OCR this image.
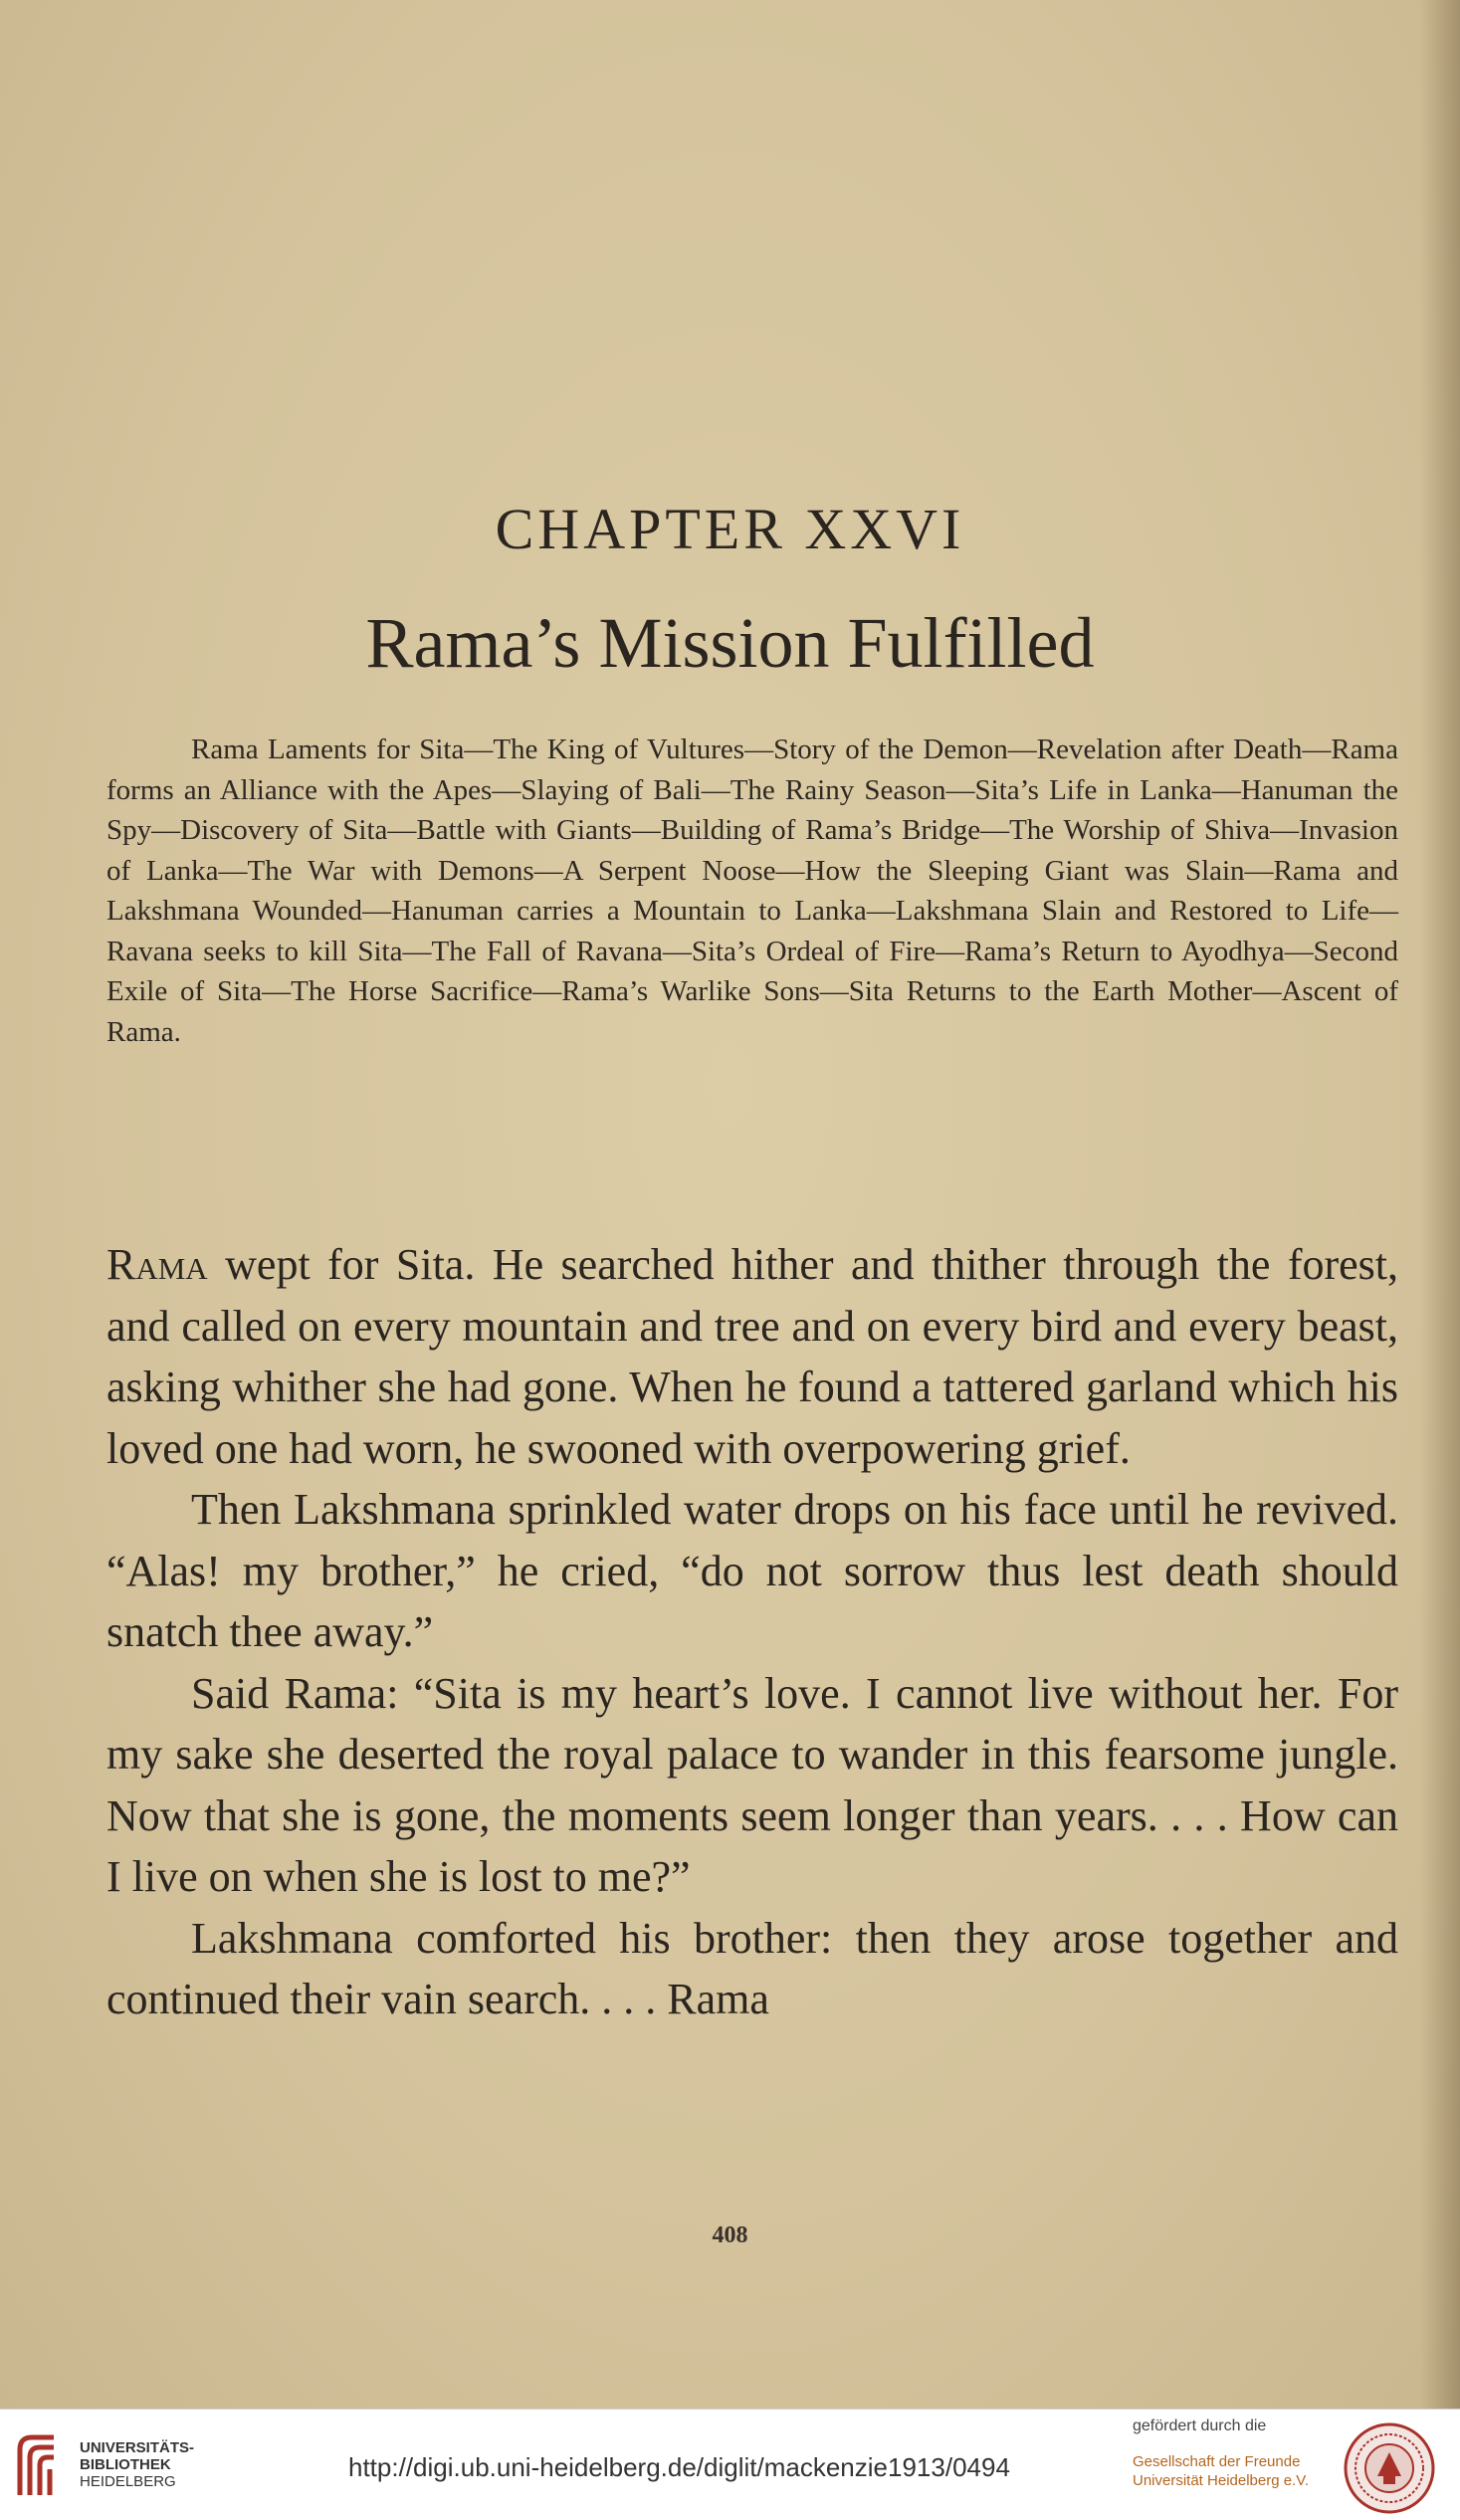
CHAPTER XXVI
Rama’s Mission Fulfilled
Rama Laments for Sita—The King of Vultures—Story of the Demon—Revelation after Death—Rama forms an Alliance with the Apes—Slaying of Bali—The Rainy Season—Sita’s Life in Lanka—Hanuman the Spy—Discovery of Sita—Battle with Giants—Building of Rama’s Bridge—The Worship of Shiva—Invasion of Lanka—The War with Demons—A Serpent Noose—How the Sleeping Giant was Slain—Rama and Lakshmana Wounded—Hanuman carries a Mountain to Lanka—Lakshmana Slain and Restored to Life—Ravana seeks to kill Sita—The Fall of Ravana—Sita’s Ordeal of Fire—Rama’s Return to Ayodhya—Second Exile of Sita—The Horse Sacrifice—Rama’s Warlike Sons—Sita Returns to the Earth Mother—Ascent of Rama.

Rama wept for Sita. He searched hither and thither through the forest, and called on every mountain and tree and on every bird and every beast, asking whither she had gone. When he found a tattered garland which his loved one had worn, he swooned with overpowering grief.

Then Lakshmana sprinkled water drops on his face until he revived. “Alas! my brother,” he cried, “do not sorrow thus lest death should snatch thee away.”

Said Rama: “Sita is my heart’s love. I cannot live without her. For my sake she deserted the royal palace to wander in this fearsome jungle. Now that she is gone, the moments seem longer than years. . . . How can I live on when she is lost to me?”

Lakshmana comforted his brother: then they arose together and continued their vain search. . . . Rama

408
UNIVERSITÄTS-
BIBLIOTHEK
HEIDELBERG	http://digi.ub.uni-heidelberg.de/diglit/mackenzie1913/0494
gefördert durch die
Gesellschaft der Freunde
Universität Heidelberg e.V.
